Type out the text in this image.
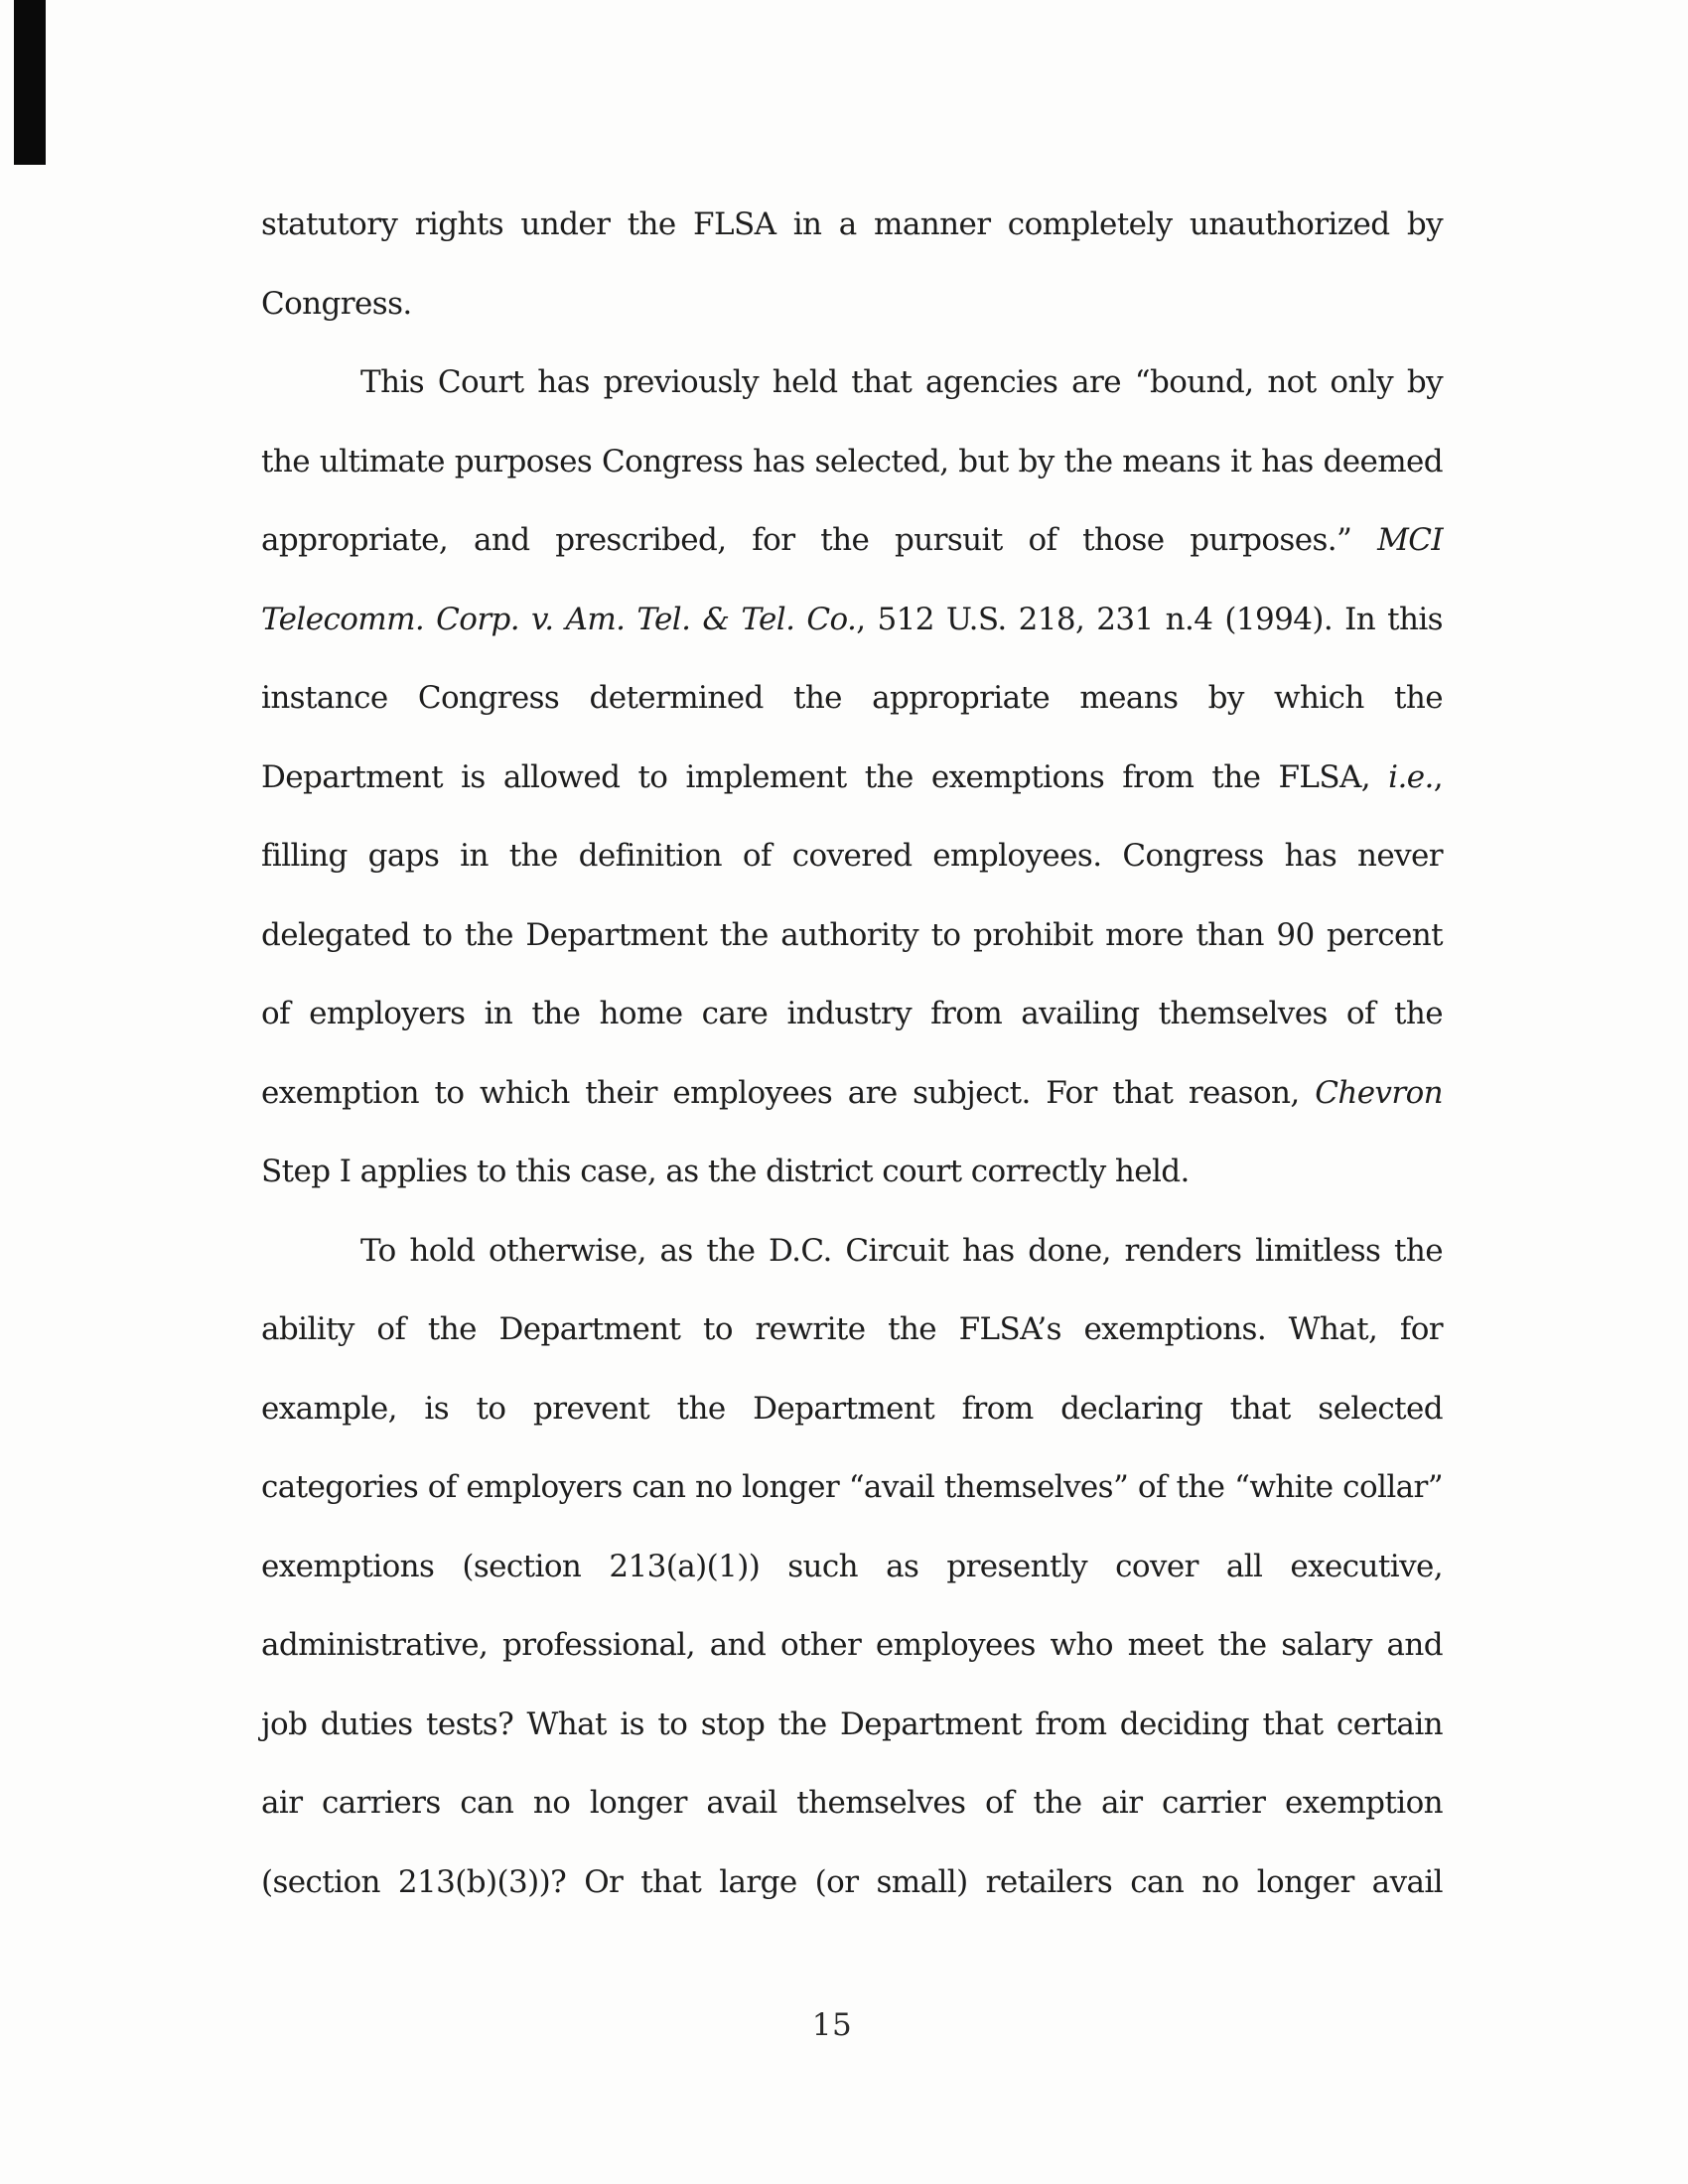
statutory rights under the FLSA in a manner completely unauthorized by
Congress.
This Court has previously held that agencies are “bound, not only by
the ultimate purposes Congress has selected, but by the means it has deemed
appropriate, and prescribed, for the pursuit of those purposes.” MCI
Telecomm. Corp. v. Am. Tel. & Tel. Co., 512 U.S. 218, 231 n.4 (1994). In this
instance Congress determined the appropriate means by which the
Department is allowed to implement the exemptions from the FLSA, i.e.,
filling gaps in the definition of covered employees. Congress has never
delegated to the Department the authority to prohibit more than 90 percent
of employers in the home care industry from availing themselves of the
exemption to which their employees are subject. For that reason, Chevron
Step I applies to this case, as the district court correctly held.
To hold otherwise, as the D.C. Circuit has done, renders limitless the
ability of the Department to rewrite the FLSA’s exemptions. What, for
example, is to prevent the Department from declaring that selected
categories of employers can no longer “avail themselves” of the “white collar”
exemptions (section 213(a)(1)) such as presently cover all executive,
administrative, professional, and other employees who meet the salary and
job duties tests? What is to stop the Department from deciding that certain
air carriers can no longer avail themselves of the air carrier exemption
(section 213(b)(3))? Or that large (or small) retailers can no longer avail
15
